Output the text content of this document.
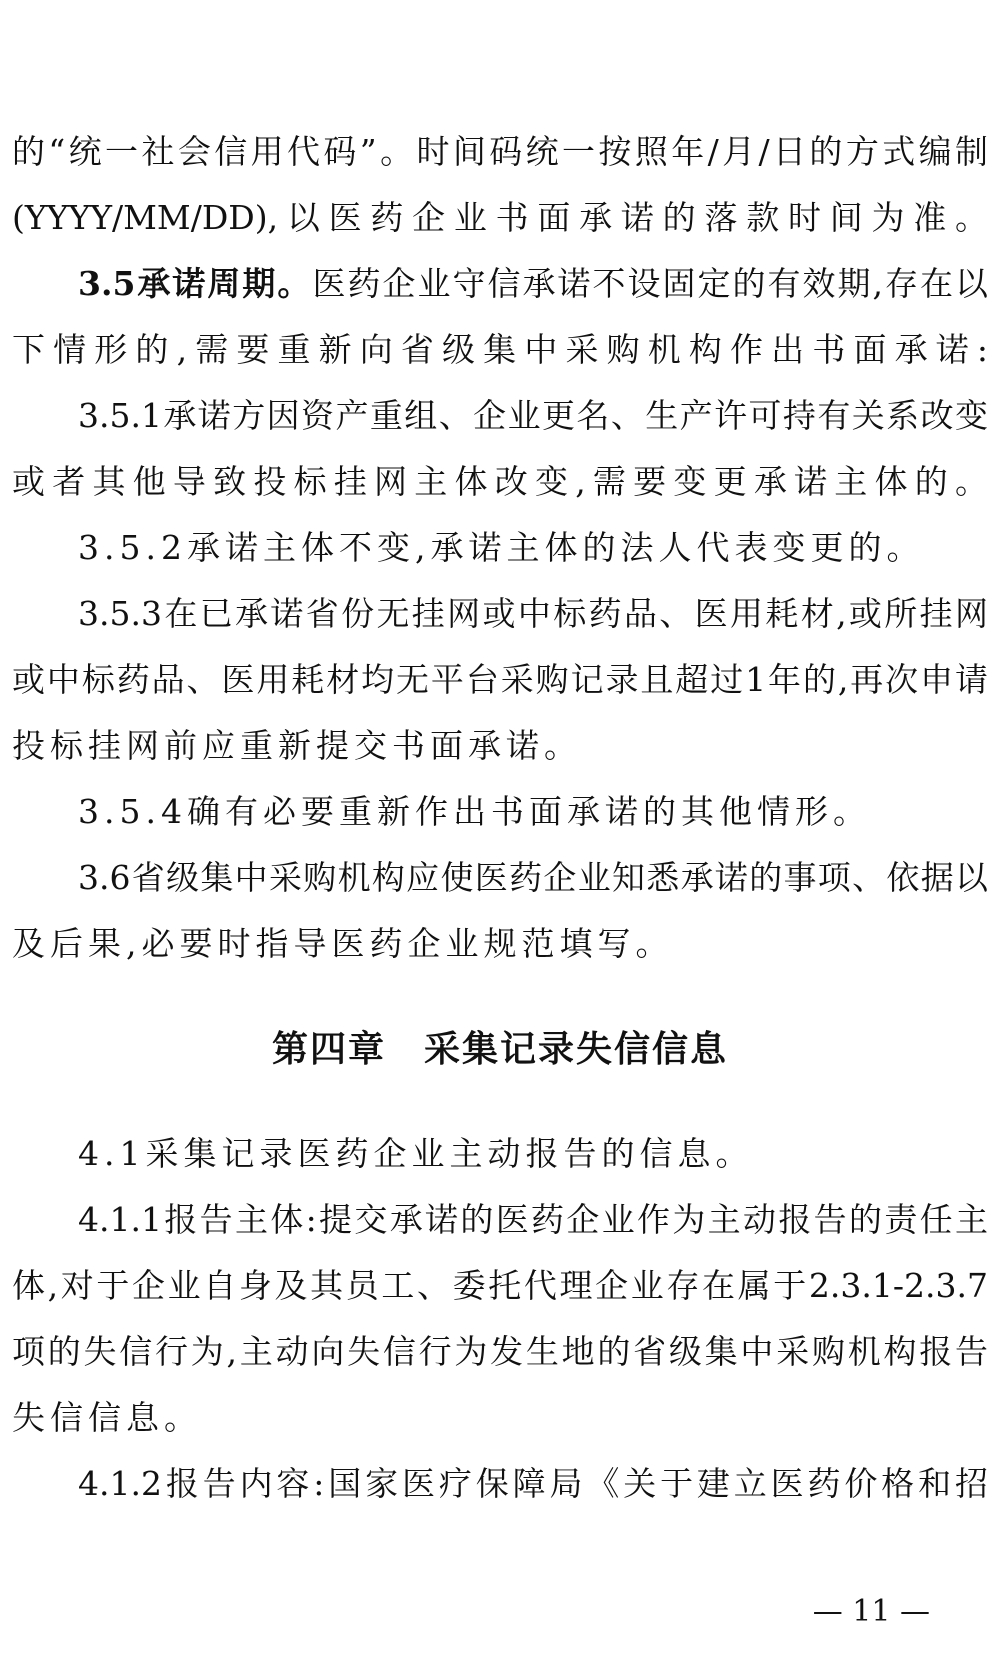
的“统一社会信用代码”。时间码统一按照年/月/日的方式编制
(YYYY/MM/DD),以医药企业书面承诺的落款时间为准。
3.5承诺周期。医药企业守信承诺不设固定的有效期,存在以
下情形的,需要重新向省级集中采购机构作出书面承诺:
3.5.1承诺方因资产重组、企业更名、生产许可持有关系改变
或者其他导致投标挂网主体改变,需要变更承诺主体的。
3.5.2承诺主体不变,承诺主体的法人代表变更的。
3.5.3在已承诺省份无挂网或中标药品、医用耗材,或所挂网
或中标药品、医用耗材均无平台采购记录且超过1年的,再次申请
投标挂网前应重新提交书面承诺。
3.5.4确有必要重新作出书面承诺的其他情形。
3.6省级集中采购机构应使医药企业知悉承诺的事项、依据以
及后果,必要时指导医药企业规范填写。
第四章　采集记录失信信息
4.1采集记录医药企业主动报告的信息。
4.1.1报告主体:提交承诺的医药企业作为主动报告的责任主
体,对于企业自身及其员工、委托代理企业存在属于2.3.1-2.3.7
项的失信行为,主动向失信行为发生地的省级集中采购机构报告
失信信息。
4.1.2报告内容:国家医疗保障局《关于建立医药价格和招
— 11 —
